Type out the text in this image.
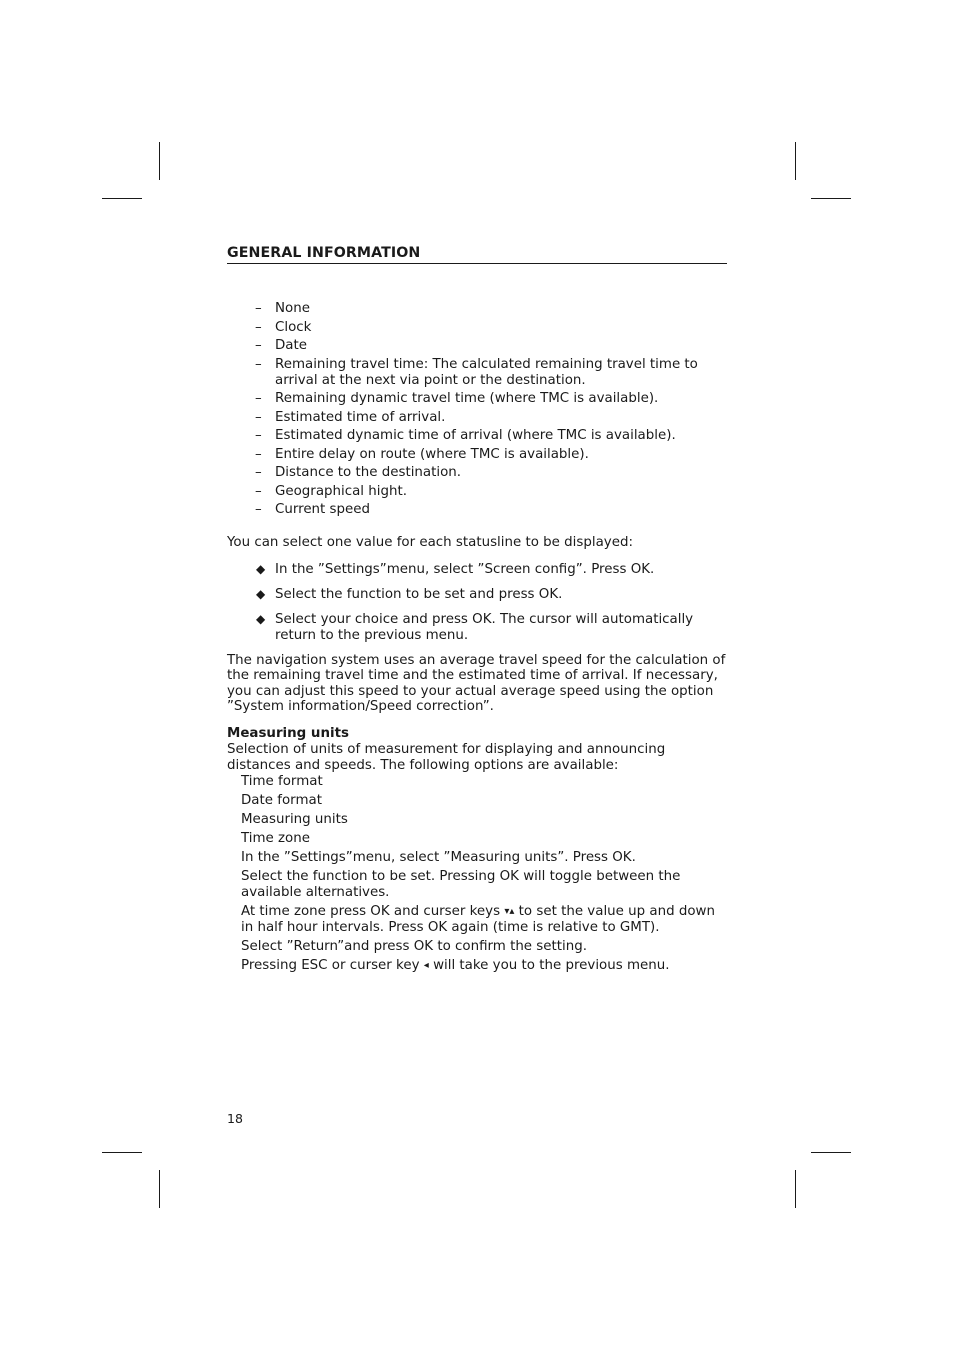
GENERAL INFORMATION
– None
– Clock
– Date
– Remaining travel time: The calculated remaining travel time to arrival at the next via point or the destination.
– Remaining dynamic travel time (where TMC is available).
– Estimated time of arrival.
– Estimated dynamic time of arrival (where TMC is available).
– Entire delay on route (where TMC is available).
– Distance to the destination.
– Geographical hight.
– Current speed

You can select one value for each statusline to be displayed:

◆ In the ”Settings”menu, select ”Screen config”. Press OK.
◆ Select the function to be set and press OK.
◆ Select your choice and press OK. The cursor will automatically return to the previous menu.

The navigation system uses an average travel speed for the calculation of the remaining travel time and the estimated time of arrival. If necessary, you can adjust this speed to your actual average speed using the option ”System information/Speed correction”.

Measuring units

Selection of units of measurement for displaying and announcing distances and speeds. The following options are available:

Time format
Date format
Measuring units
Time zone
In the ”Settings”menu, select ”Measuring units”. Press OK.
Select the function to be set. Pressing OK will toggle between the available alternatives.
At time zone press OK and curser keys ▾▴ to set the value up and down in half hour intervals. Press OK again (time is relative to GMT).
Select ”Return”and press OK to confirm the setting.
Pressing ESC or curser key ◂ will take you to the previous menu.
18
